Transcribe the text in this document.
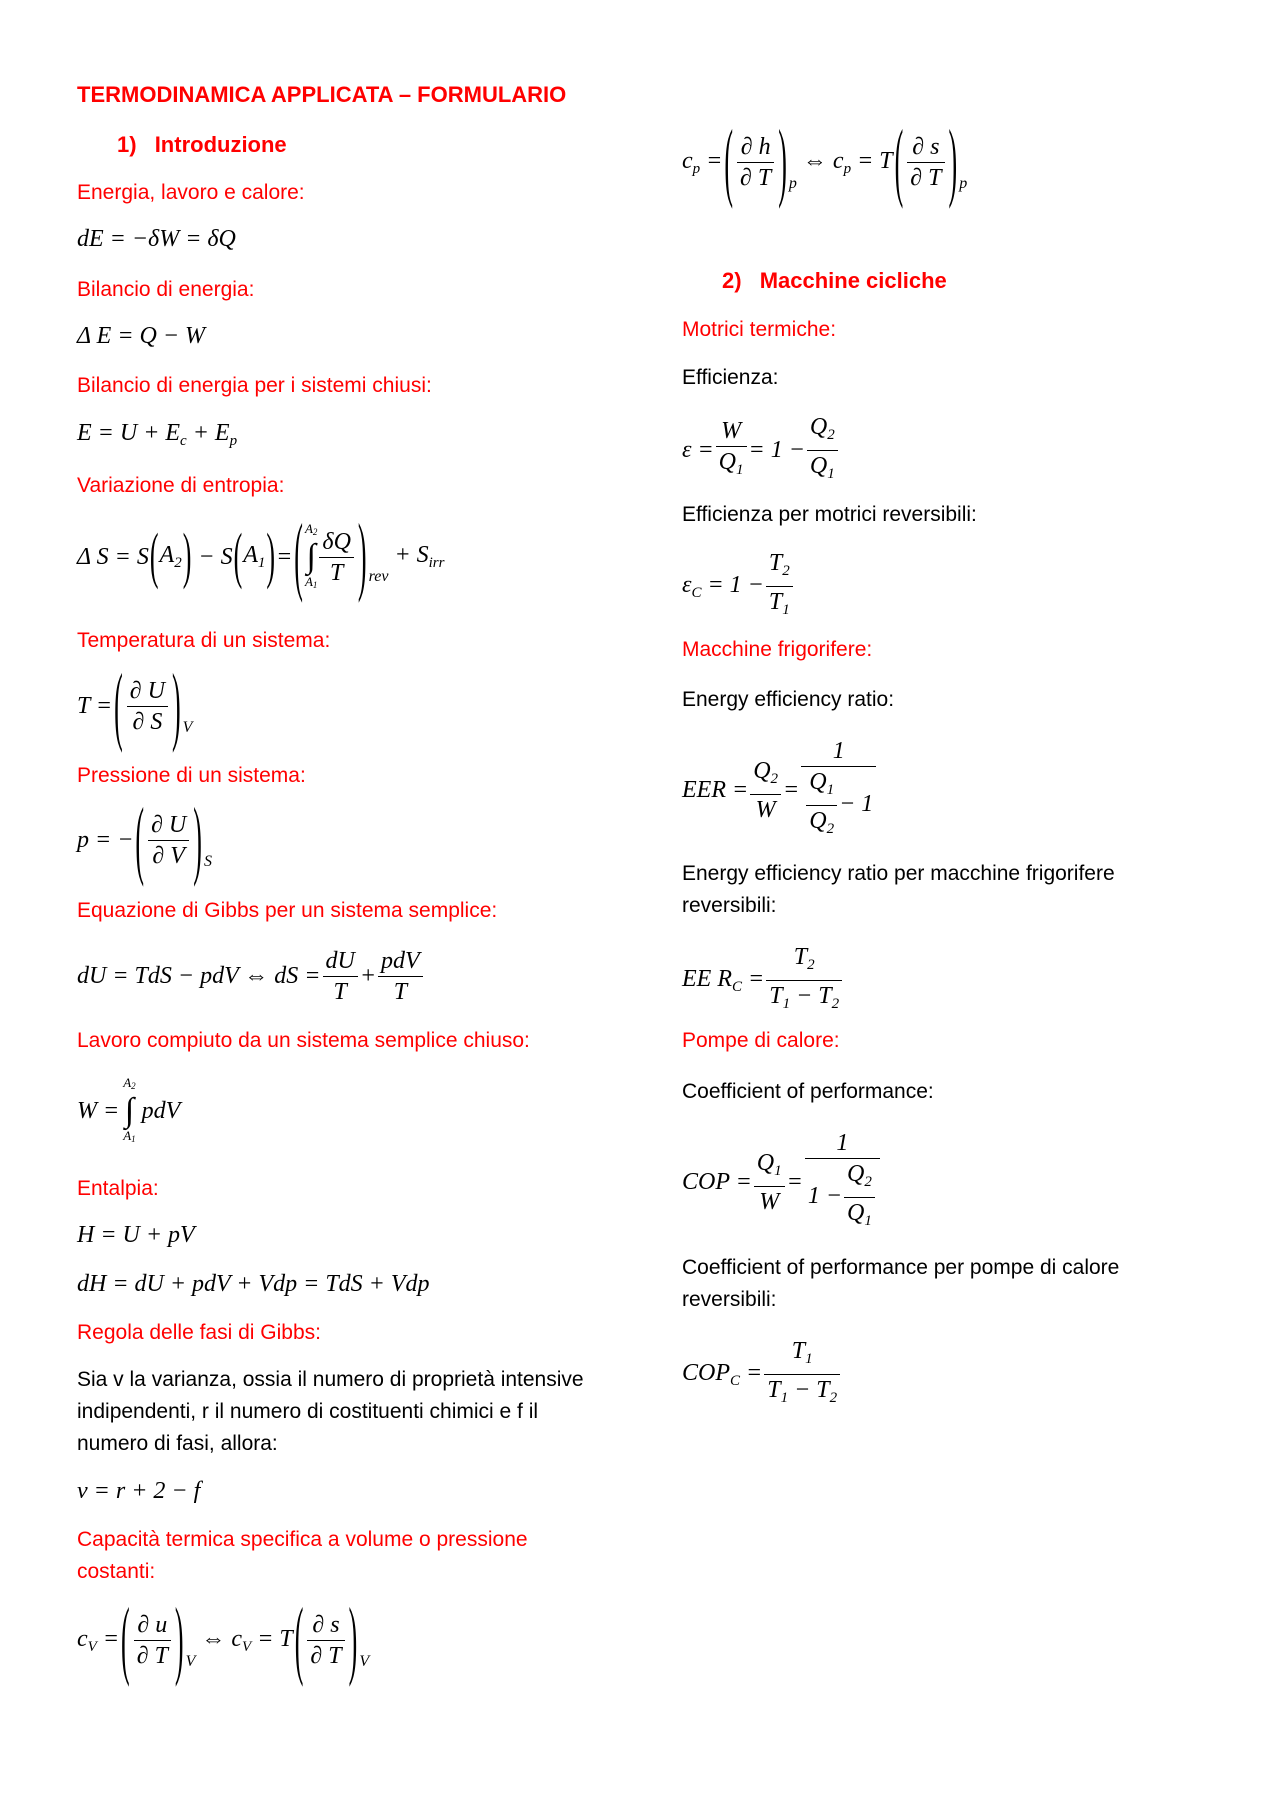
TERMODINAMICA APPLICATA – FORMULARIO
1) Introduzione
Energia, lavoro e calore:
dE = −δW = δQ
Bilancio di energia:
Δ E = Q − W
Bilancio di energia per i sistemi chiusi:
$E = U + E_c + E_p$
Variazione di entropia:
Δ S = S ( $A_2$ ) − S ( $A_1$ ) = ( $A_2$
∫
$A_1 \frac{\delta Q}{T}$ ) rev
+ $S_{irr}$
Temperatura di un sistema:
T = ( $\frac{\partial U}{\partial S}$ ) V
Pressione di un sistema:
p = − ( $\frac{\partial U}{\partial V}$ ) S
Equazione di Gibbs per un sistema semplice:
dU = TdS − pdV ⇔ dS = $\frac{dU}{T} + \frac{\text{pdV}}{T}$
Lavoro compiuto da un sistema semplice chiuso:
W =
$A_2$
∫
$A_1$
pdV
Entalpia:
H = U + pV
dH = dU + pdV + Vdp = TdS + Vdp
Regola delle fasi di Gibbs:
Sia v la varianza, ossia il numero di proprietà intensive
indipendenti, r il numero di costituenti chimici e f il
numero di fasi, allora:
v = r + 2 − f
Capacità termica specifica a volume o pressione
costanti:
$c_V$ = ( $\frac{\partial u}{\partial T}$ ) V
⇔ $c_V = T$ ( $\frac{\partial s}{\partial T}$ ) V
$c_p$ = ( $\frac{\partial h}{\partial T}$ ) p
⇔ $c_p = T$ ( $\frac{\partial s}{\partial T}$ ) p
2) Macchine cicliche
Motrici termiche:
Efficienza:
$\varepsilon = \frac{W}{Q_1} = 1 - \frac{Q_2}{Q_1}$
Efficienza per motrici reversibili:
$\varepsilon_C = 1 - \frac{T_2}{T_1}$
Macchine frigorifere:
Energy efficiency ratio:
EER = $\frac{Q_2}{W} = \frac{1}{\frac{Q_1}{Q_2} - 1}$
Energy efficiency ratio per macchine frigorifere
reversibili:
EE $R_C = \frac{T_2}{T_1 - T_2}$
Pompe di calore:
Coefficient of performance:
COP = $\frac{Q_1}{W} = \frac{1}{1 - \frac{Q_2}{Q_1}}$
Coefficient of performance per pompe di calore
reversibili:
$COP_C = \frac{T_1}{T_1 - T_2}$
